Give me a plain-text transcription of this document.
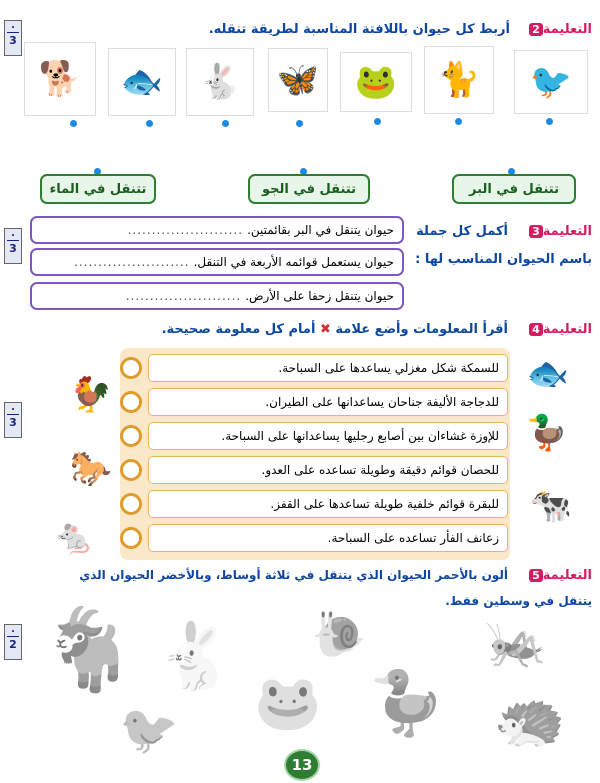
التعليمة2
أربط كل حيوان باللافتة المناسبة لطريقة تنقله.
.
3
🐕 🐟 🐇 🦋 🐸 🐈 🐦
تتنقل في الماء	تتنقل في الجو	تتنقل في البر
التعليمة3
أكمل كل جملة
باسم الحيوان المناسب لها :
.
3
حيوان يتنقل في البر بقائمتين.
........................
حيوان يستعمل قوائمه الأربعة في التنقل.
........................
حيوان يتنقل زحفا على الأرض.
........................
التعليمة4
أقرأ المعلومات وأضع علامة ✖ أمام كل معلومة صحيحة.
.
3
للسمكة شكل مغزلي يساعدها على السباحة.
للدجاجة الأليفة جناحان يساعدانها على الطيران.
للإوزة غشاءان بين أصابع رجليها يساعدانها على السباحة.
للحصان قوائم دقيقة وطويلة تساعده على العدو.
للبقرة قوائم خلفية طويلة تساعدها على القفز.
زعانف الفأر تساعده على السباحة.
🐓
🐎
🐁
🐟
🦆
🐄
التعليمة5
ألون بالأحمر الحيوان الذي يتنقل في ثلاثة أوساط، وبالأخضر الحيوان الذي
يتنقل في وسطين فقط.
.
2 🐐 🐇 🐌 🦗
🐸 🦆
🐦	🦔
13
